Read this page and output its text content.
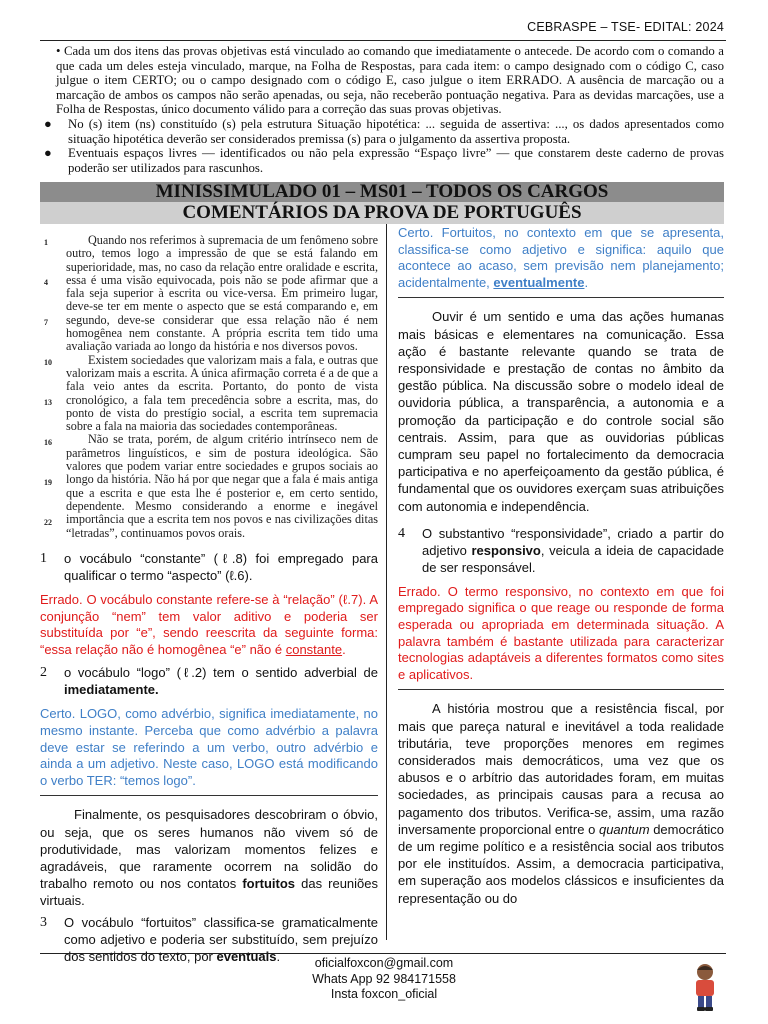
CEBRASPE – TSE- EDITAL: 2024

• Cada um dos itens das provas objetivas está vinculado ao comando que imediatamente o antecede. De acordo com o comando a que cada um deles esteja vinculado, marque, na Folha de Respostas, para cada item: o campo designado com o código C, caso julgue o item CERTO; ou o campo designado com o código E, caso julgue o item ERRADO. A ausência de marcação ou a marcação de ambos os campos não serão apenadas, ou seja, não receberão pontuação negativa. Para as devidas marcações, use a Folha de Respostas, único documento válido para a correção das suas provas objetivas.

●	No (s) item (ns) constituído (s) pela estrutura Situação hipotética: ... seguida de assertiva: ..., os dados apresentados como situação hipotética deverão ser considerados premissa (s) para o julgamento da assertiva proposta.

●	Eventuais espaços livres — identificados ou não pela expressão “Espaço livre” — que constarem deste caderno de provas poderão ser utilizados para rascunhos.

MINISSIMULADO 01 – MS01 – TODOS OS CARGOS
COMENTÁRIOS DA PROVA DE PORTUGUÊS
1
4
7
10
13
16
19
22

Quando nos referimos à supremacia de um fenômeno sobre outro, temos logo a impressão de que se está falando em superioridade, mas, no caso da relação entre oralidade e escrita, essa é uma visão equivocada, pois não se pode afirmar que a fala seja superior à escrita ou vice-versa. Em primeiro lugar, deve-se ter em mente o aspecto que se está comparando e, em segundo, deve-se considerar que essa relação não é nem homogênea nem constante. A própria escrita tem tido uma avaliação variada ao longo da história e nos diversos povos.

Existem sociedades que valorizam mais a fala, e outras que valorizam mais a escrita. A única afirmação correta é a de que a fala veio antes da escrita. Portanto, do ponto de vista cronológico, a fala tem precedência sobre a escrita, mas, do ponto de vista do prestígio social, a escrita tem supremacia sobre a fala na maioria das sociedades contemporâneas.

Não se trata, porém, de algum critério intrínseco nem de parâmetros linguísticos, e sim de postura ideológica. São valores que podem variar entre sociedades e grupos sociais ao longo da história. Não há por que negar que a fala é mais antiga que a escrita e que esta lhe é posterior e, em certo sentido, dependente. Mesmo considerando a enorme e inegável importância que a escrita tem nos povos e nas civilizações ditas “letradas”, continuamos povos orais.

1	o vocábulo “constante” (ℓ.8) foi empregado para qualificar o termo “aspecto” (ℓ.6).
Errado. O vocábulo constante refere-se à “relação” (ℓ.7). A conjunção “nem” tem valor aditivo e poderia ser substituída por “e”, sendo reescrita da seguinte forma: “essa relação não é homogênea “e” não é constante.
2	o vocábulo “logo” (ℓ.2) tem o sentido adverbial de imediatamente.
Certo. LOGO, como advérbio, significa imediatamente, no mesmo instante. Perceba que como advérbio a palavra deve estar se referindo a um verbo, outro advérbio e ainda a um adjetivo. Neste caso, LOGO está modificando o verbo TER: “temos logo”.
Finalmente, os pesquisadores descobriram o óbvio, ou seja, que os seres humanos não vivem só de produtividade, mas valorizam momentos felizes e agradáveis, que raramente ocorrem na solidão do trabalho remoto ou nos contatos fortuitos das reuniões virtuais.
3	O vocábulo “fortuitos” classifica-se gramaticalmente como adjetivo e poderia ser substituído, sem prejuízo dos sentidos do texto, por eventuais.
Certo. Fortuitos, no contexto em que se apresenta, classifica-se como adjetivo e significa: aquilo que acontece ao acaso, sem previsão nem planejamento; acidentalmente, eventualmente.
Ouvir é um sentido e uma das ações humanas mais básicas e elementares na comunicação. Essa ação é bastante relevante quando se trata de responsividade e prestação de contas no âmbito da gestão pública. Na discussão sobre o modelo ideal de ouvidoria pública, a transparência, a autonomia e a promoção da participação e do controle social são centrais. Assim, para que as ouvidorias públicas cumpram seu papel no fortalecimento da democracia participativa e no aperfeiçoamento da gestão pública, é fundamental que os ouvidores exerçam suas atribuições com autonomia e independência.
4	O substantivo “responsividade”, criado a partir do adjetivo responsivo, veicula a ideia de capacidade de ser responsável.
Errado. O termo responsivo, no contexto em que foi empregado significa o que reage ou responde de forma esperada ou apropriada em determinada situação. A palavra também é bastante utilizada para caracterizar tecnologias adaptáveis a diferentes formatos como sites e aplicativos.
A história mostrou que a resistência fiscal, por mais que pareça natural e inevitável a toda realidade tributária, teve proporções menores em regimes considerados mais democráticos, uma vez que os abusos e o arbítrio das autoridades foram, em muitas sociedades, as principais causas para a recusa ao pagamento dos tributos. Verifica-se, assim, uma razão inversamente proporcional entre o quantum democrático de um regime político e a resistência social aos tributos por ele instituídos. Assim, a democracia participativa, em superação aos modelos clássicos e insuficientes da representação ou do
oficialfoxcon@gmail.com
Whats App 92 984171558
Insta foxcon_oficial
